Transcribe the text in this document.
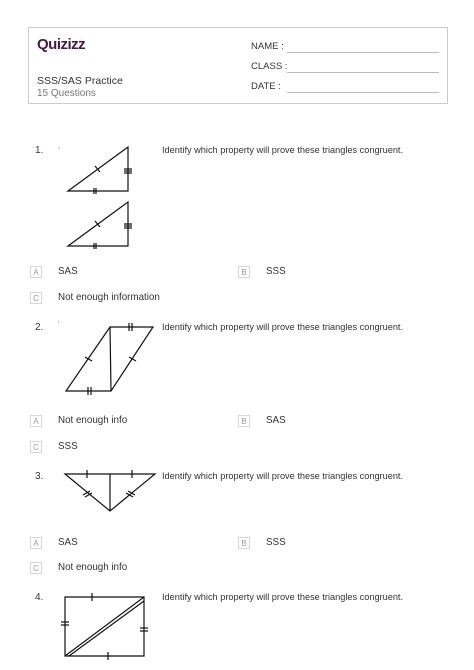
Quizizz
SSS/SAS Practice
15 Questions
NAME :
CLASS :
DATE :
1. -	Identify which property will prove these triangles congruent.
A	SAS	B	SSS
C	Not enough information
2. '	Identify which property will prove these triangles congruent.
A	Not enough info	B	SAS
C	SSS
3.	Identify which property will prove these triangles congruent.
A	SAS	B	SSS
C	Not enough info
4.	Identify which property will prove these triangles congruent.
